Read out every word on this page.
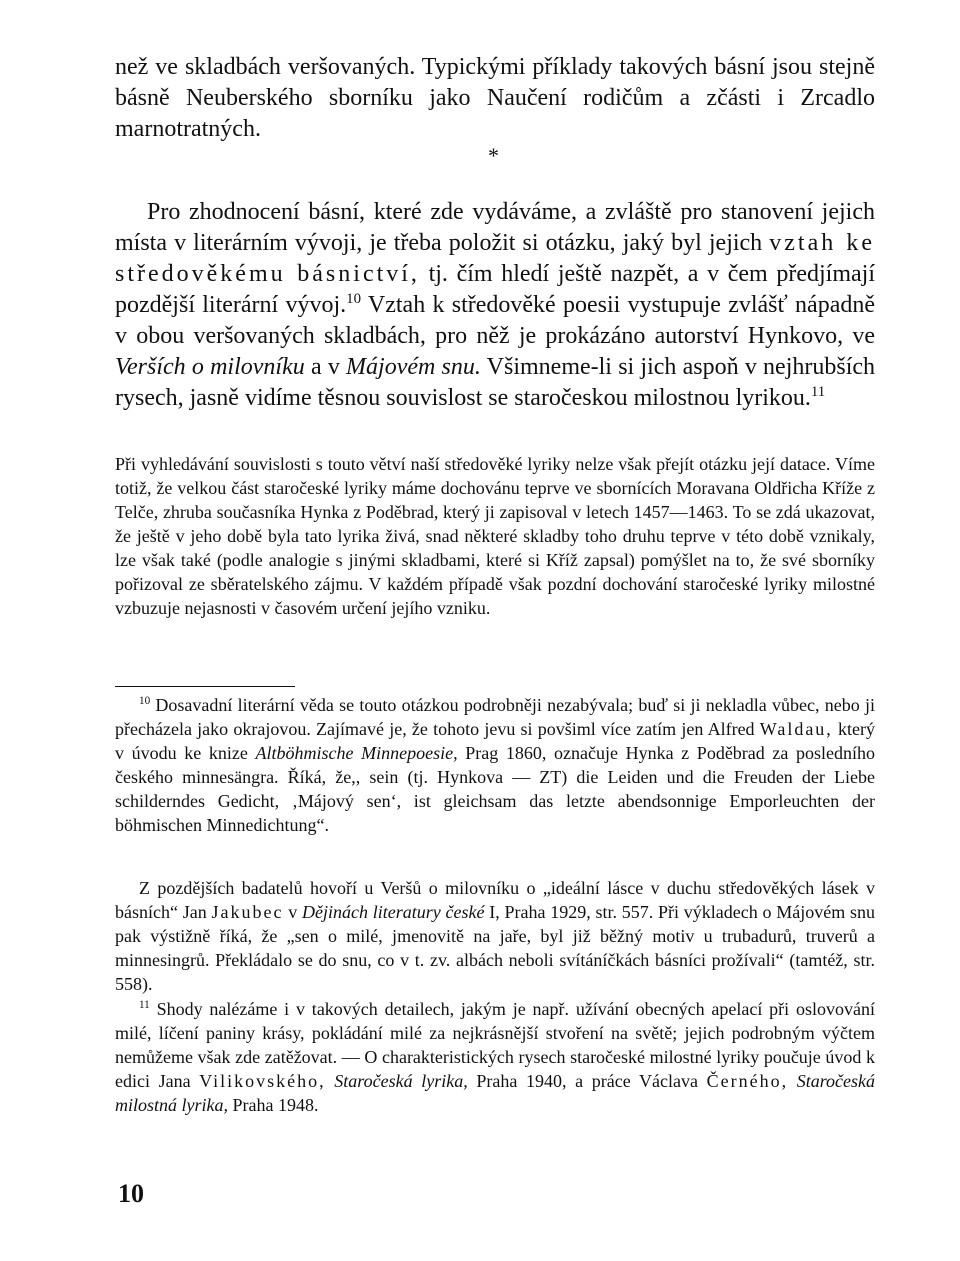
než ve skladbách veršovaných. Typickými příklady takových básní jsou stejně básně Neuberského sborníku jako Naučení rodičům a zčásti i Zrcadlo marnotratných.

*

Pro zhodnocení básní, které zde vydáváme, a zvláště pro stanovení jejich místa v literárním vývoji, je třeba položit si otázku, jaký byl jejich vztah ke středověkému básnictví, tj. čím hledí ještě nazpět, a v čem předjímají pozdější literární vývoj.$^{10}$ Vztah k středověké poesii vystupuje zvlášť nápadně v obou veršovaných skladbách, pro něž je prokázáno autorství Hynkovo, ve Verších o milovníku a v Májovém snu. Všimneme-li si jich aspoň v nejhrubších rysech, jasně vidíme těsnou souvislost se staročeskou milostnou lyrikou.$^{11}$

Při vyhledávání souvislosti s touto větví naší středověké lyriky nelze však přejít otázku její datace. Víme totiž, že velkou část staročeské lyriky máme dochovánu teprve ve sbornících Moravana Oldřicha Kříže z Telče, zhruba současníka Hynka z Poděbrad, který ji zapisoval v letech 1457—1463. To se zdá ukazovat, že ještě v jeho době byla tato lyrika živá, snad některé skladby toho druhu teprve v této době vznikaly, lze však také (podle analogie s jinými skladbami, které si Kříž zapsal) pomýšlet na to, že své sborníky pořizoval ze sběratelského zájmu. V každém případě však pozdní dochování staročeské lyriky milostné vzbuzuje nejasnosti v časovém určení jejího vzniku.

$^{10}$ Dosavadní literární věda se touto otázkou podrobněji nezabývala; buď si ji nekladla vůbec, nebo ji přecházela jako okrajovou. Zajímavé je, že tohoto jevu si povšiml více zatím jen Alfred Waldau, který v úvodu ke knize Altböhmische Minnepoesie, Prag 1860, označuje Hynka z Poděbrad za posledního českého minnesängra. Říká, že,, sein (tj. Hynkova — ZT) die Leiden und die Freuden der Liebe schilderndes Gedicht, ‚Májový sen‘, ist gleichsam das letzte abendsonnige Emporleuchten der böhmischen Minnedichtung“.

Z pozdějších badatelů hovoří u Veršů o milovníku o „ideální lásce v duchu středověkých lásek v básních“ Jan Jakubec v Dějinách literatury české I, Praha 1929, str. 557. Při výkladech o Májovém snu pak výstižně říká, že „sen o milé, jmenovitě na jaře, byl již běžný motiv u trubadurů, truverů a minnesingrů. Překládalo se do snu, co v t. zv. albách neboli svítáníčkách básníci prožívali“ (tamtéž, str. 558).

$^{11}$ Shody nalézáme i v takových detailech, jakým je např. užívání obecných apelací při oslovování milé, líčení paniny krásy, pokládání milé za nejkrásnější stvoření na světě; jejich podrobným výčtem nemůžeme však zde zatěžovat. — O charakteristických rysech staročeské milostné lyriky poučuje úvod k edici Jana Vilikovského, Staročeská lyrika, Praha 1940, a práce Václava Černého, Staročeská milostná lyrika, Praha 1948.

10
